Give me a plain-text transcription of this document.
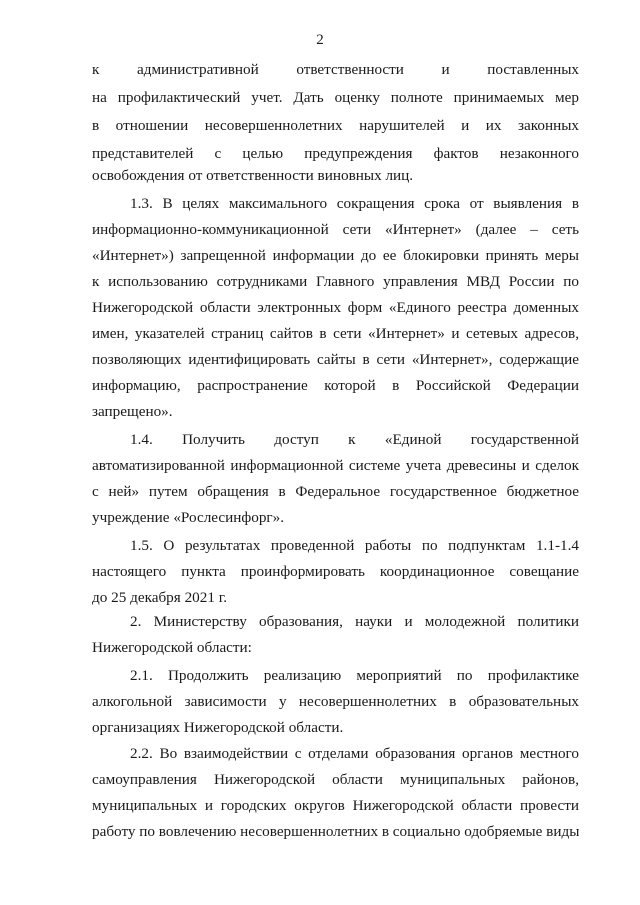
2
к административной ответственности и поставленных
на профилактический учет. Дать оценку полноте принимаемых мер
в отношении несовершеннолетних нарушителей и их законных
представителей с целью предупреждения фактов незаконного
освобождения от ответственности виновных лиц.
1.3. В целях максимального сокращения срока от выявления в
информационно-коммуникационной сети «Интернет» (далее – сеть
«Интернет») запрещенной информации до ее блокировки принять меры
к использованию сотрудниками Главного управления МВД России по
Нижегородской области электронных форм «Единого реестра доменных
имен, указателей страниц сайтов в сети «Интернет» и сетевых адресов,
позволяющих идентифицировать сайты в сети «Интернет», содержащие
информацию, распространение которой в Российской Федерации
запрещено».
1.4. Получить доступ к «Единой государственной
автоматизированной информационной системе учета древесины и сделок
с ней» путем обращения в Федеральное государственное бюджетное
учреждение «Рослесинфорг».
1.5. О результатах проведенной работы по подпунктам 1.1-1.4
настоящего пункта проинформировать координационное совещание
до 25 декабря 2021 г.
2. Министерству образования, науки и молодежной политики
Нижегородской области:
2.1. Продолжить реализацию мероприятий по профилактике
алкогольной зависимости у несовершеннолетних в образовательных
организациях Нижегородской области.
2.2. Во взаимодействии с отделами образования органов местного
самоуправления Нижегородской области муниципальных районов,
муниципальных и городских округов Нижегородской области провести
работу по вовлечению несовершеннолетних в социально одобряемые виды
